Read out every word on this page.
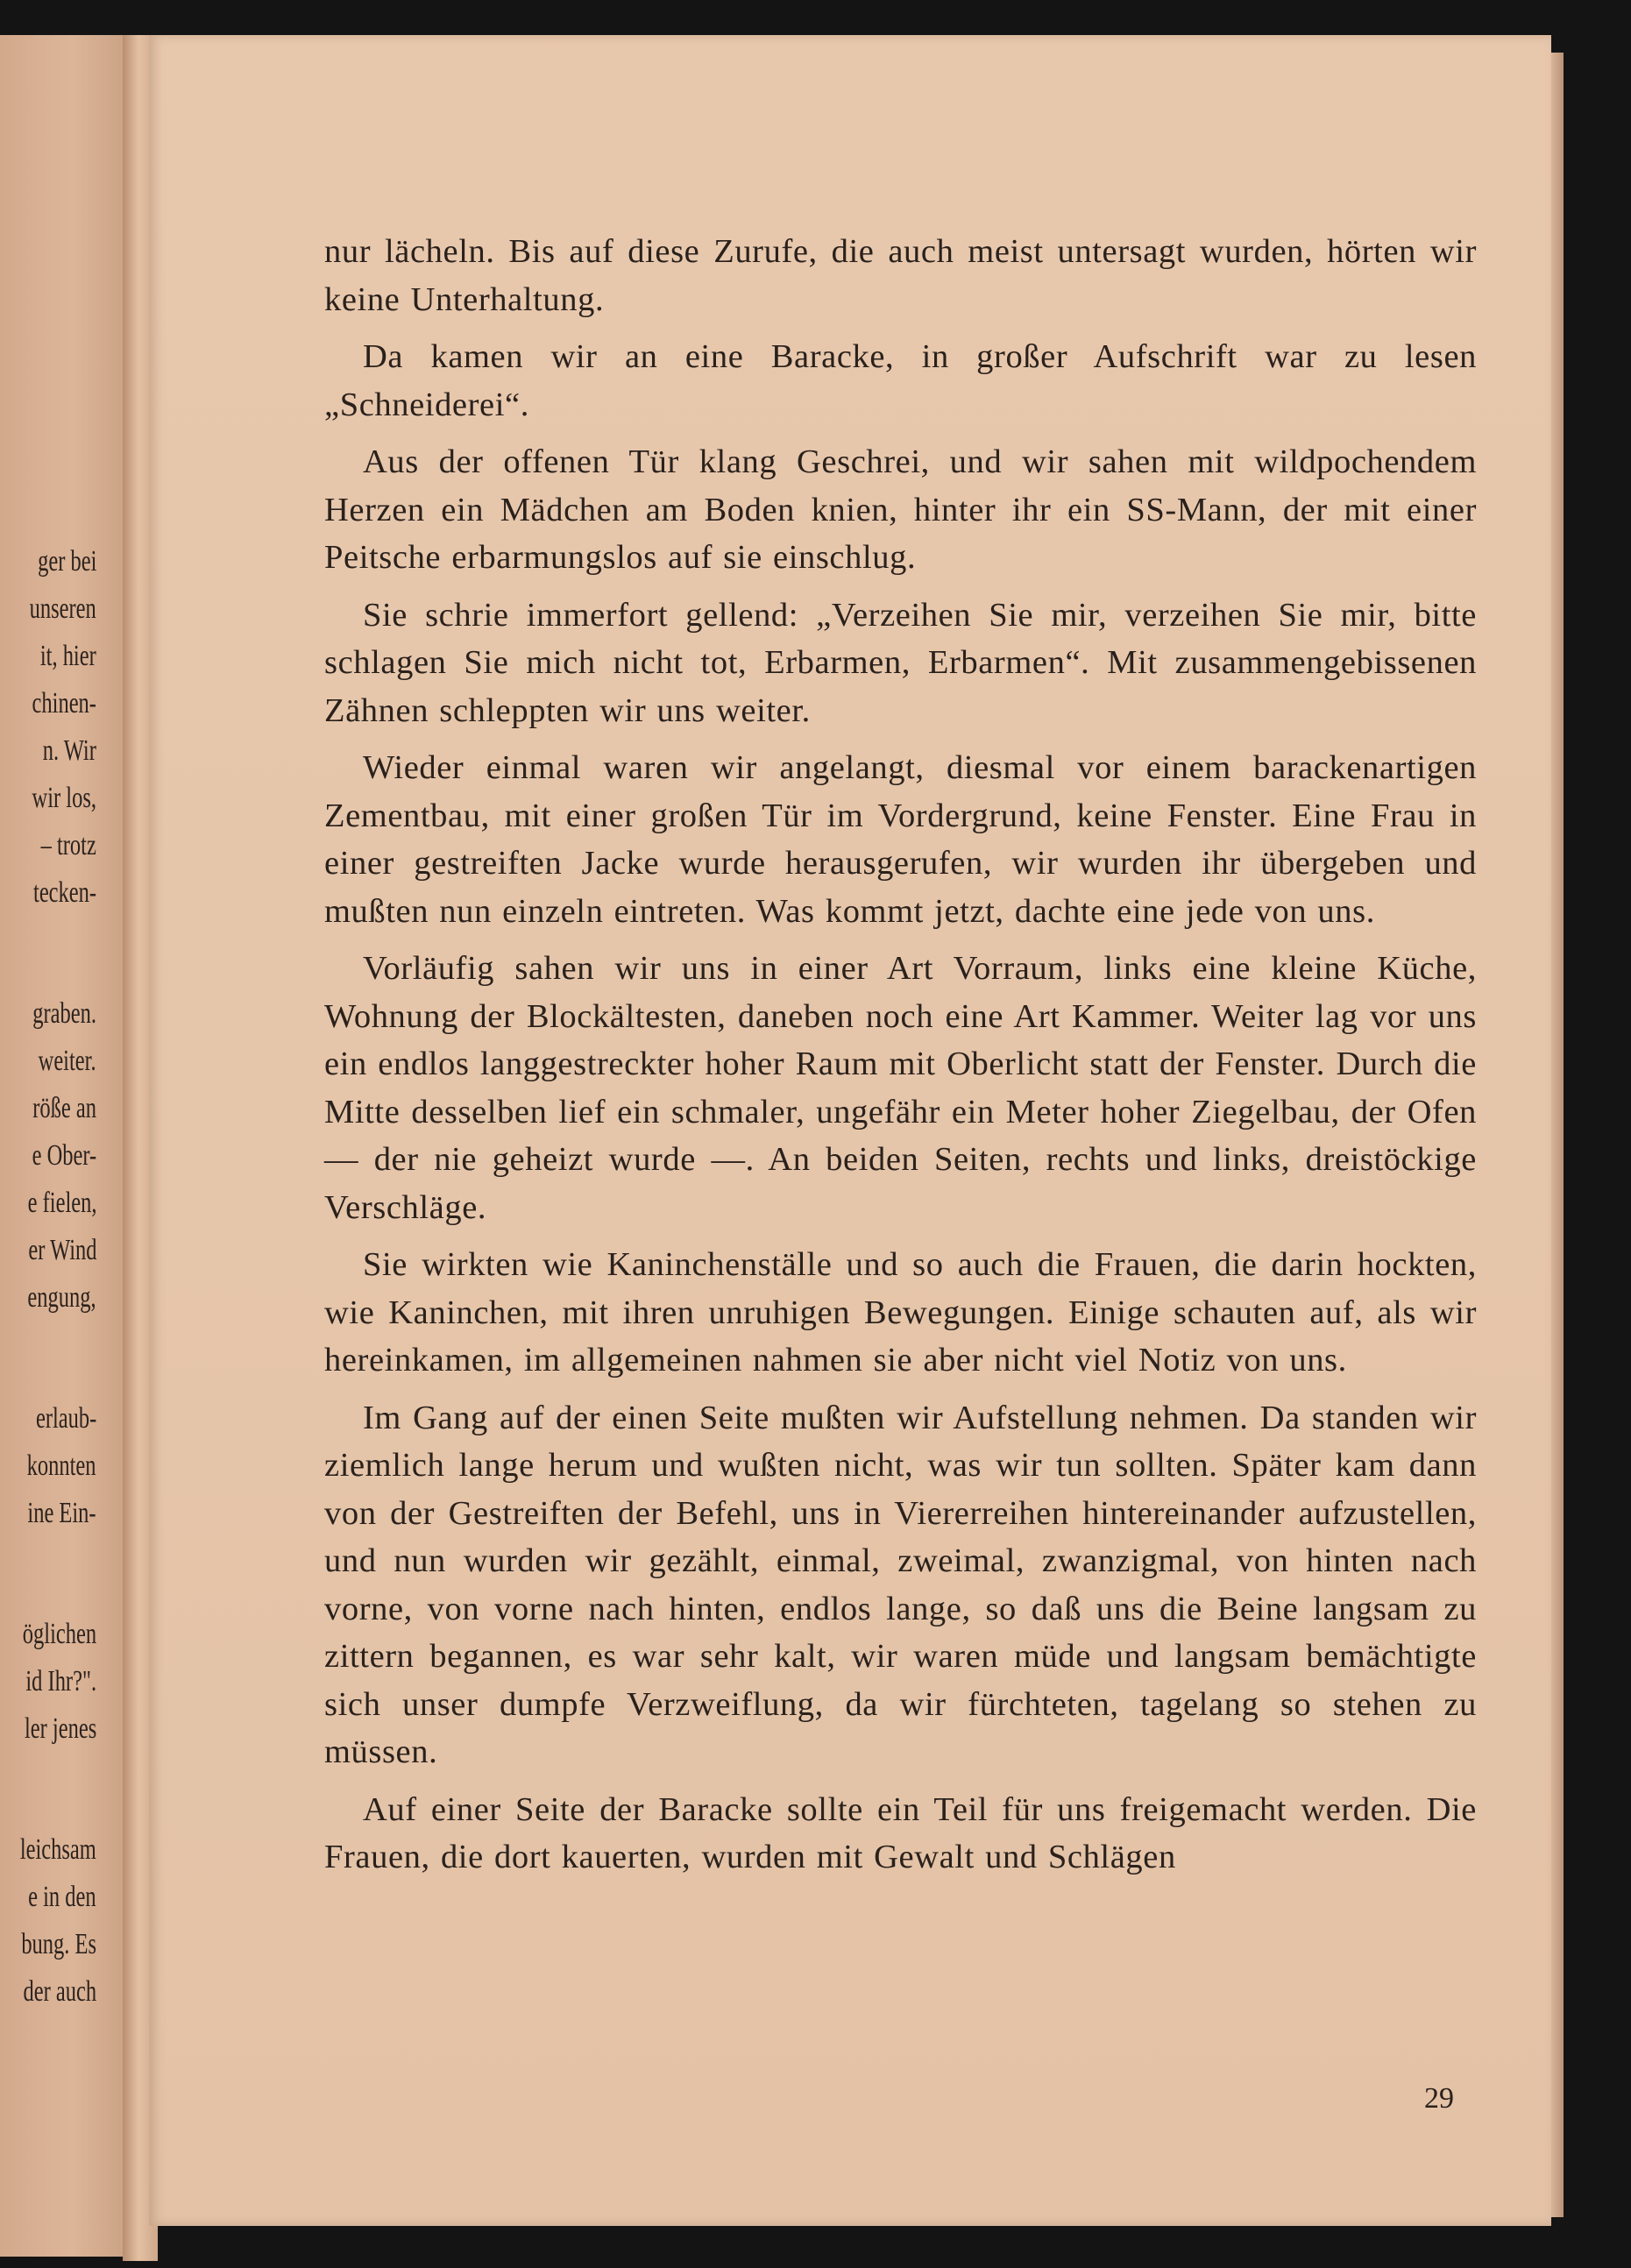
ger bei
unseren
it, hier
chinen-
n. Wir
wir los,
– trotz
tecken-
graben.
weiter.
röße an
e Ober-
e fielen,
er Wind
engung,
erlaub-
konnten
ine Ein-
öglichen
id Ihr?".
ler jenes
leichsam
e in den
bung. Es
der auch

nur lächeln. Bis auf diese Zurufe, die auch meist untersagt wurden, hörten wir keine Unterhaltung.

Da kamen wir an eine Baracke, in großer Aufschrift war zu lesen „Schneiderei“.

Aus der offenen Tür klang Geschrei, und wir sahen mit wildpochendem Herzen ein Mädchen am Boden knien, hinter ihr ein SS-Mann, der mit einer Peitsche erbarmungslos auf sie einschlug.

Sie schrie immerfort gellend: „Verzeihen Sie mir, verzeihen Sie mir, bitte schlagen Sie mich nicht tot, Erbarmen, Erbarmen“. Mit zusammengebissenen Zähnen schleppten wir uns weiter.

Wieder einmal waren wir angelangt, diesmal vor einem barackenartigen Zementbau, mit einer großen Tür im Vordergrund, keine Fenster. Eine Frau in einer gestreiften Jacke wurde herausgerufen, wir wurden ihr übergeben und mußten nun einzeln eintreten. Was kommt jetzt, dachte eine jede von uns.

Vorläufig sahen wir uns in einer Art Vorraum, links eine kleine Küche, Wohnung der Blockältesten, daneben noch eine Art Kammer. Weiter lag vor uns ein endlos langgestreckter hoher Raum mit Oberlicht statt der Fenster. Durch die Mitte desselben lief ein schmaler, ungefähr ein Meter hoher Ziegelbau, der Ofen — der nie geheizt wurde —. An beiden Seiten, rechts und links, dreistöckige Verschläge.

Sie wirkten wie Kaninchenställe und so auch die Frauen, die darin hockten, wie Kaninchen, mit ihren unruhigen Bewegungen. Einige schauten auf, als wir hereinkamen, im allgemeinen nahmen sie aber nicht viel Notiz von uns.

Im Gang auf der einen Seite mußten wir Aufstellung nehmen. Da standen wir ziemlich lange herum und wußten nicht, was wir tun sollten. Später kam dann von der Gestreiften der Befehl, uns in Viererreihen hintereinander aufzustellen, und nun wurden wir gezählt, einmal, zweimal, zwanzigmal, von hinten nach vorne, von vorne nach hinten, endlos lange, so daß uns die Beine langsam zu zittern begannen, es war sehr kalt, wir waren müde und langsam bemächtigte sich unser dumpfe Verzweiflung, da wir fürchteten, tagelang so stehen zu müssen.

Auf einer Seite der Baracke sollte ein Teil für uns freigemacht werden. Die Frauen, die dort kauerten, wurden mit Gewalt und Schlägen

29
